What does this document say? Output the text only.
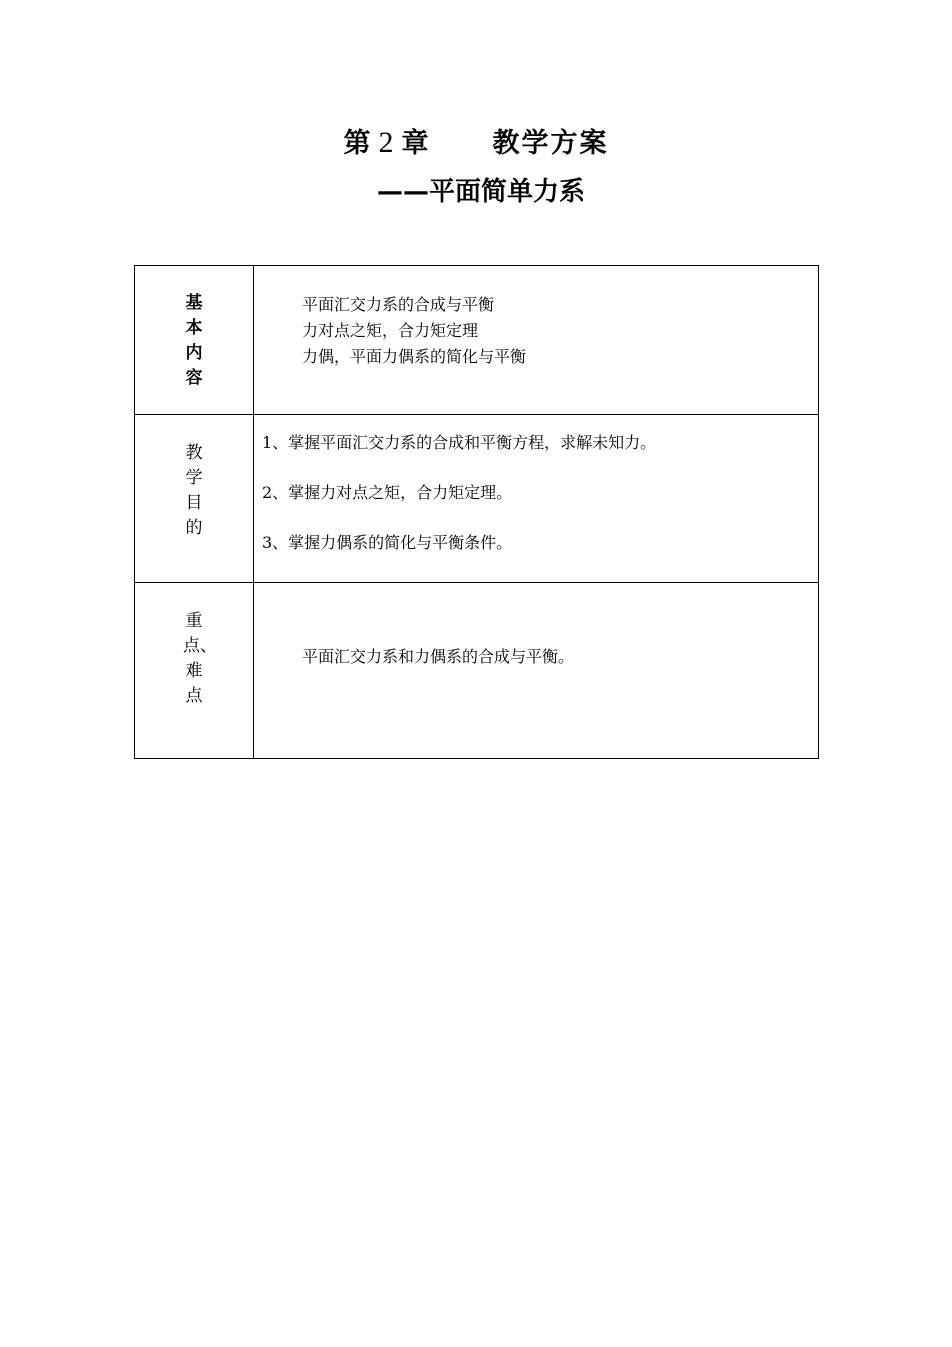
第 2 章 教学方案
——平面简单力系
基本内容	平面汇交力系的合成与平衡
力对点之矩，合力矩定理
力偶，平面力偶系的简化与平衡

教学目的	1、掌握平面汇交力系的合成和平衡方程，求解未知力。
2、掌握力对点之矩，合力矩定理。
3、掌握力偶系的简化与平衡条件。

重点、难点	平面汇交力系和力偶系的合成与平衡。
